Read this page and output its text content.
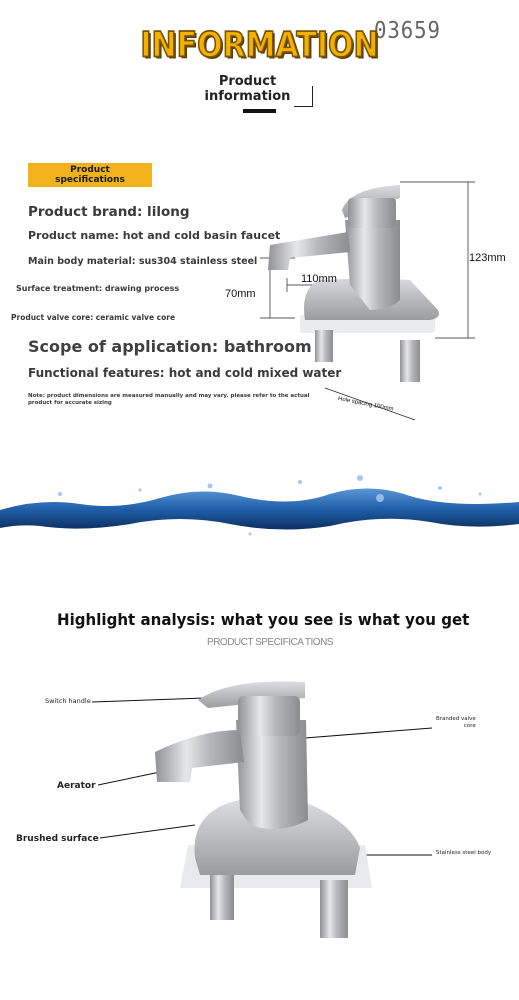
03659
INFORMATION
Product
information
Product
specifications
Product brand: lilong
Product name: hot and cold basin faucet
Main body material: sus304 stainless steel
Surface treatment: drawing process
Product valve core: ceramic valve core
Scope of application: bathroom
Functional features: hot and cold mixed water
Note: product dimensions are measured manually and may vary. please refer to the actual product for accurate sizing
123mm
110mm
70mm
Hole spacing 100mm
Highlight analysis: what you see is what you get
PRODUCT SPECIFICA TIONS
Switch handle
Aerator
Brushed surface
Branded valve
core
Stainless steel body
